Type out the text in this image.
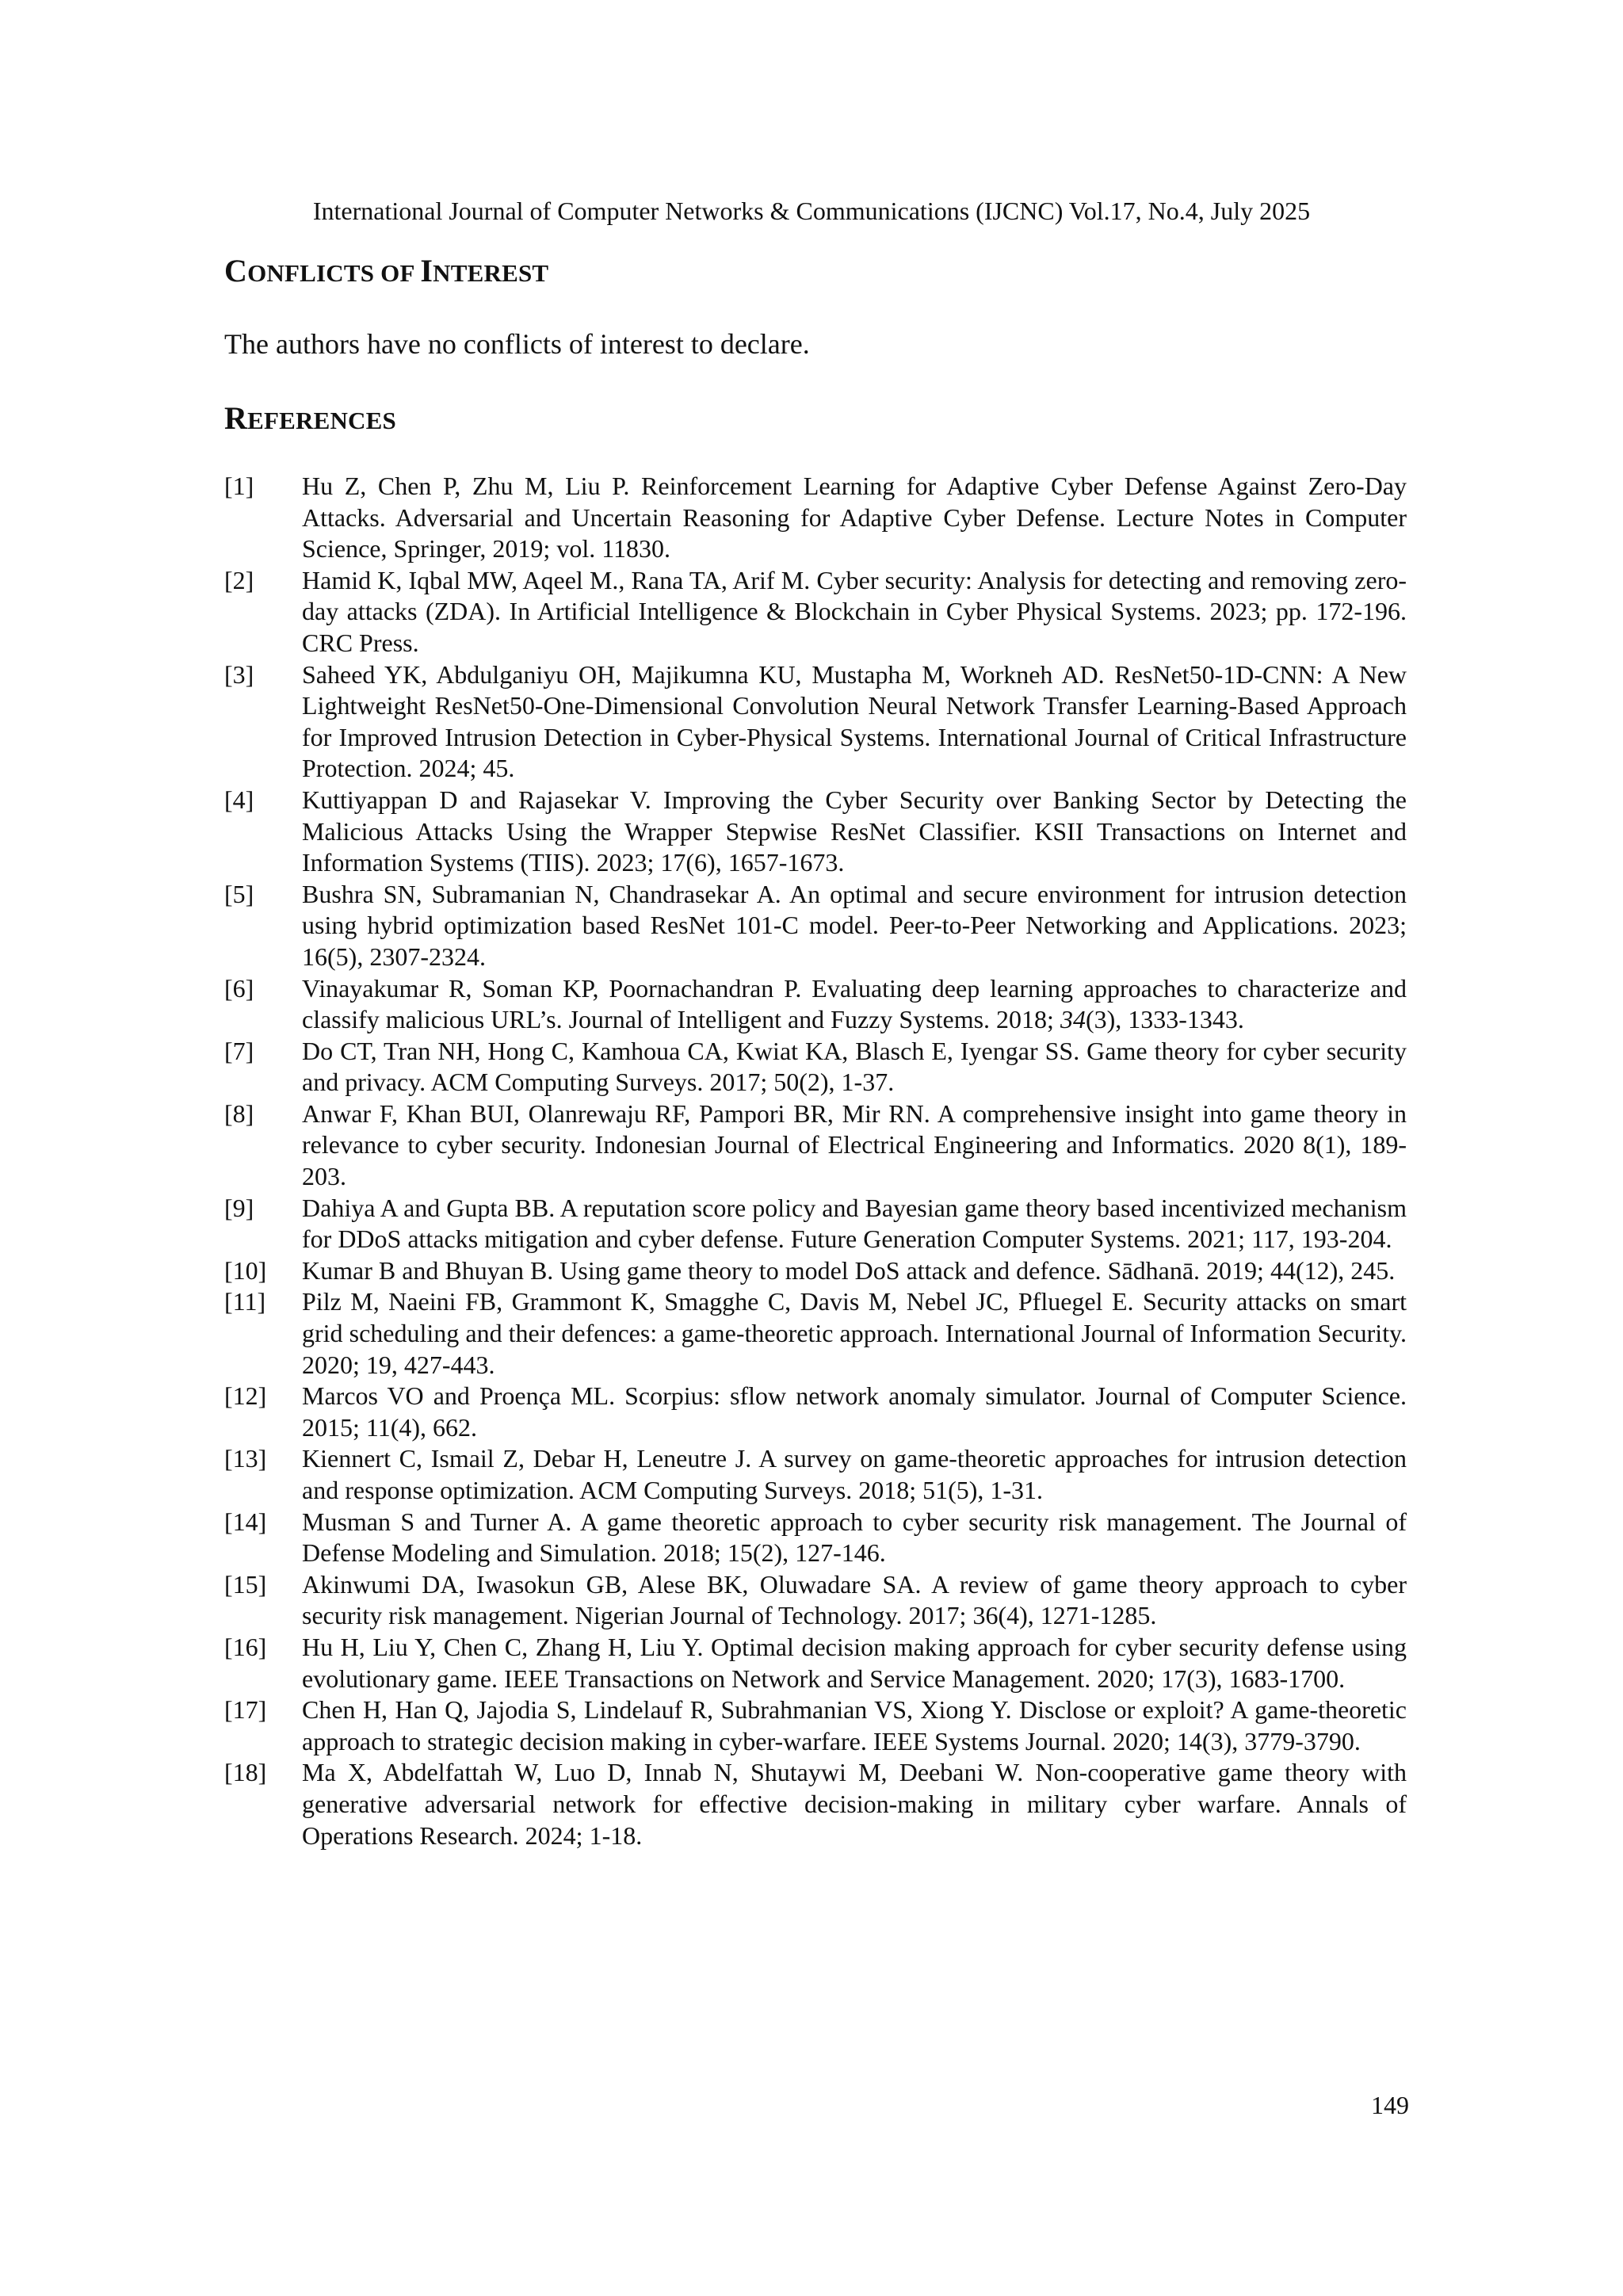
International Journal of Computer Networks & Communications (IJCNC) Vol.17, No.4, July 2025
CONFLICTS OF INTEREST

The authors have no conflicts of interest to declare.

REFERENCES
[1] Hu Z, Chen P, Zhu M, Liu P. Reinforcement Learning for Adaptive Cyber Defense Against Zero-Day Attacks. Adversarial and Uncertain Reasoning for Adaptive Cyber Defense. Lecture Notes in Computer Science, Springer, 2019; vol. 11830.
[2] Hamid K, Iqbal MW, Aqeel M., Rana TA, Arif M. Cyber security: Analysis for detecting and removing zero-day attacks (ZDA). In Artificial Intelligence & Blockchain in Cyber Physical Systems. 2023; pp. 172-196. CRC Press.
[3] Saheed YK, Abdulganiyu OH, Majikumna KU, Mustapha M, Workneh AD. ResNet50-1D-CNN: A New Lightweight ResNet50-One-Dimensional Convolution Neural Network Transfer Learning-Based Approach for Improved Intrusion Detection in Cyber-Physical Systems. International Journal of Critical Infrastructure Protection. 2024; 45.
[4] Kuttiyappan D and Rajasekar V. Improving the Cyber Security over Banking Sector by Detecting the Malicious Attacks Using the Wrapper Stepwise ResNet Classifier. KSII Transactions on Internet and Information Systems (TIIS). 2023; 17(6), 1657-1673.
[5] Bushra SN, Subramanian N, Chandrasekar A. An optimal and secure environment for intrusion detection using hybrid optimization based ResNet 101-C model. Peer-to-Peer Networking and Applications. 2023; 16(5), 2307-2324.
[6] Vinayakumar R, Soman KP, Poornachandran P. Evaluating deep learning approaches to characterize and classify malicious URL’s. Journal of Intelligent and Fuzzy Systems. 2018; 34(3), 1333-1343.
[7] Do CT, Tran NH, Hong C, Kamhoua CA, Kwiat KA, Blasch E, Iyengar SS. Game theory for cyber security and privacy. ACM Computing Surveys. 2017; 50(2), 1-37.
[8] Anwar F, Khan BUI, Olanrewaju RF, Pampori BR, Mir RN. A comprehensive insight into game theory in relevance to cyber security. Indonesian Journal of Electrical Engineering and Informatics. 2020 8(1), 189-203.
[9] Dahiya A and Gupta BB. A reputation score policy and Bayesian game theory based incentivized mechanism for DDoS attacks mitigation and cyber defense. Future Generation Computer Systems. 2021; 117, 193-204.
[10] Kumar B and Bhuyan B. Using game theory to model DoS attack and defence. Sādhanā. 2019; 44(12), 245.
[11] Pilz M, Naeini FB, Grammont K, Smagghe C, Davis M, Nebel JC, Pfluegel E. Security attacks on smart grid scheduling and their defences: a game-theoretic approach. International Journal of Information Security. 2020; 19, 427-443.
[12] Marcos VO and Proença ML. Scorpius: sflow network anomaly simulator. Journal of Computer Science. 2015; 11(4), 662.
[13] Kiennert C, Ismail Z, Debar H, Leneutre J. A survey on game-theoretic approaches for intrusion detection and response optimization. ACM Computing Surveys. 2018; 51(5), 1-31.
[14] Musman S and Turner A. A game theoretic approach to cyber security risk management. The Journal of Defense Modeling and Simulation. 2018; 15(2), 127-146.
[15] Akinwumi DA, Iwasokun GB, Alese BK, Oluwadare SA. A review of game theory approach to cyber security risk management. Nigerian Journal of Technology. 2017; 36(4), 1271-1285.
[16] Hu H, Liu Y, Chen C, Zhang H, Liu Y. Optimal decision making approach for cyber security defense using evolutionary game. IEEE Transactions on Network and Service Management. 2020; 17(3), 1683-1700.
[17] Chen H, Han Q, Jajodia S, Lindelauf R, Subrahmanian VS, Xiong Y. Disclose or exploit? A game-theoretic approach to strategic decision making in cyber-warfare. IEEE Systems Journal. 2020; 14(3), 3779-3790.
[18] Ma X, Abdelfattah W, Luo D, Innab N, Shutaywi M, Deebani W. Non-cooperative game theory with generative adversarial network for effective decision-making in military cyber warfare. Annals of Operations Research. 2024; 1-18.
149
